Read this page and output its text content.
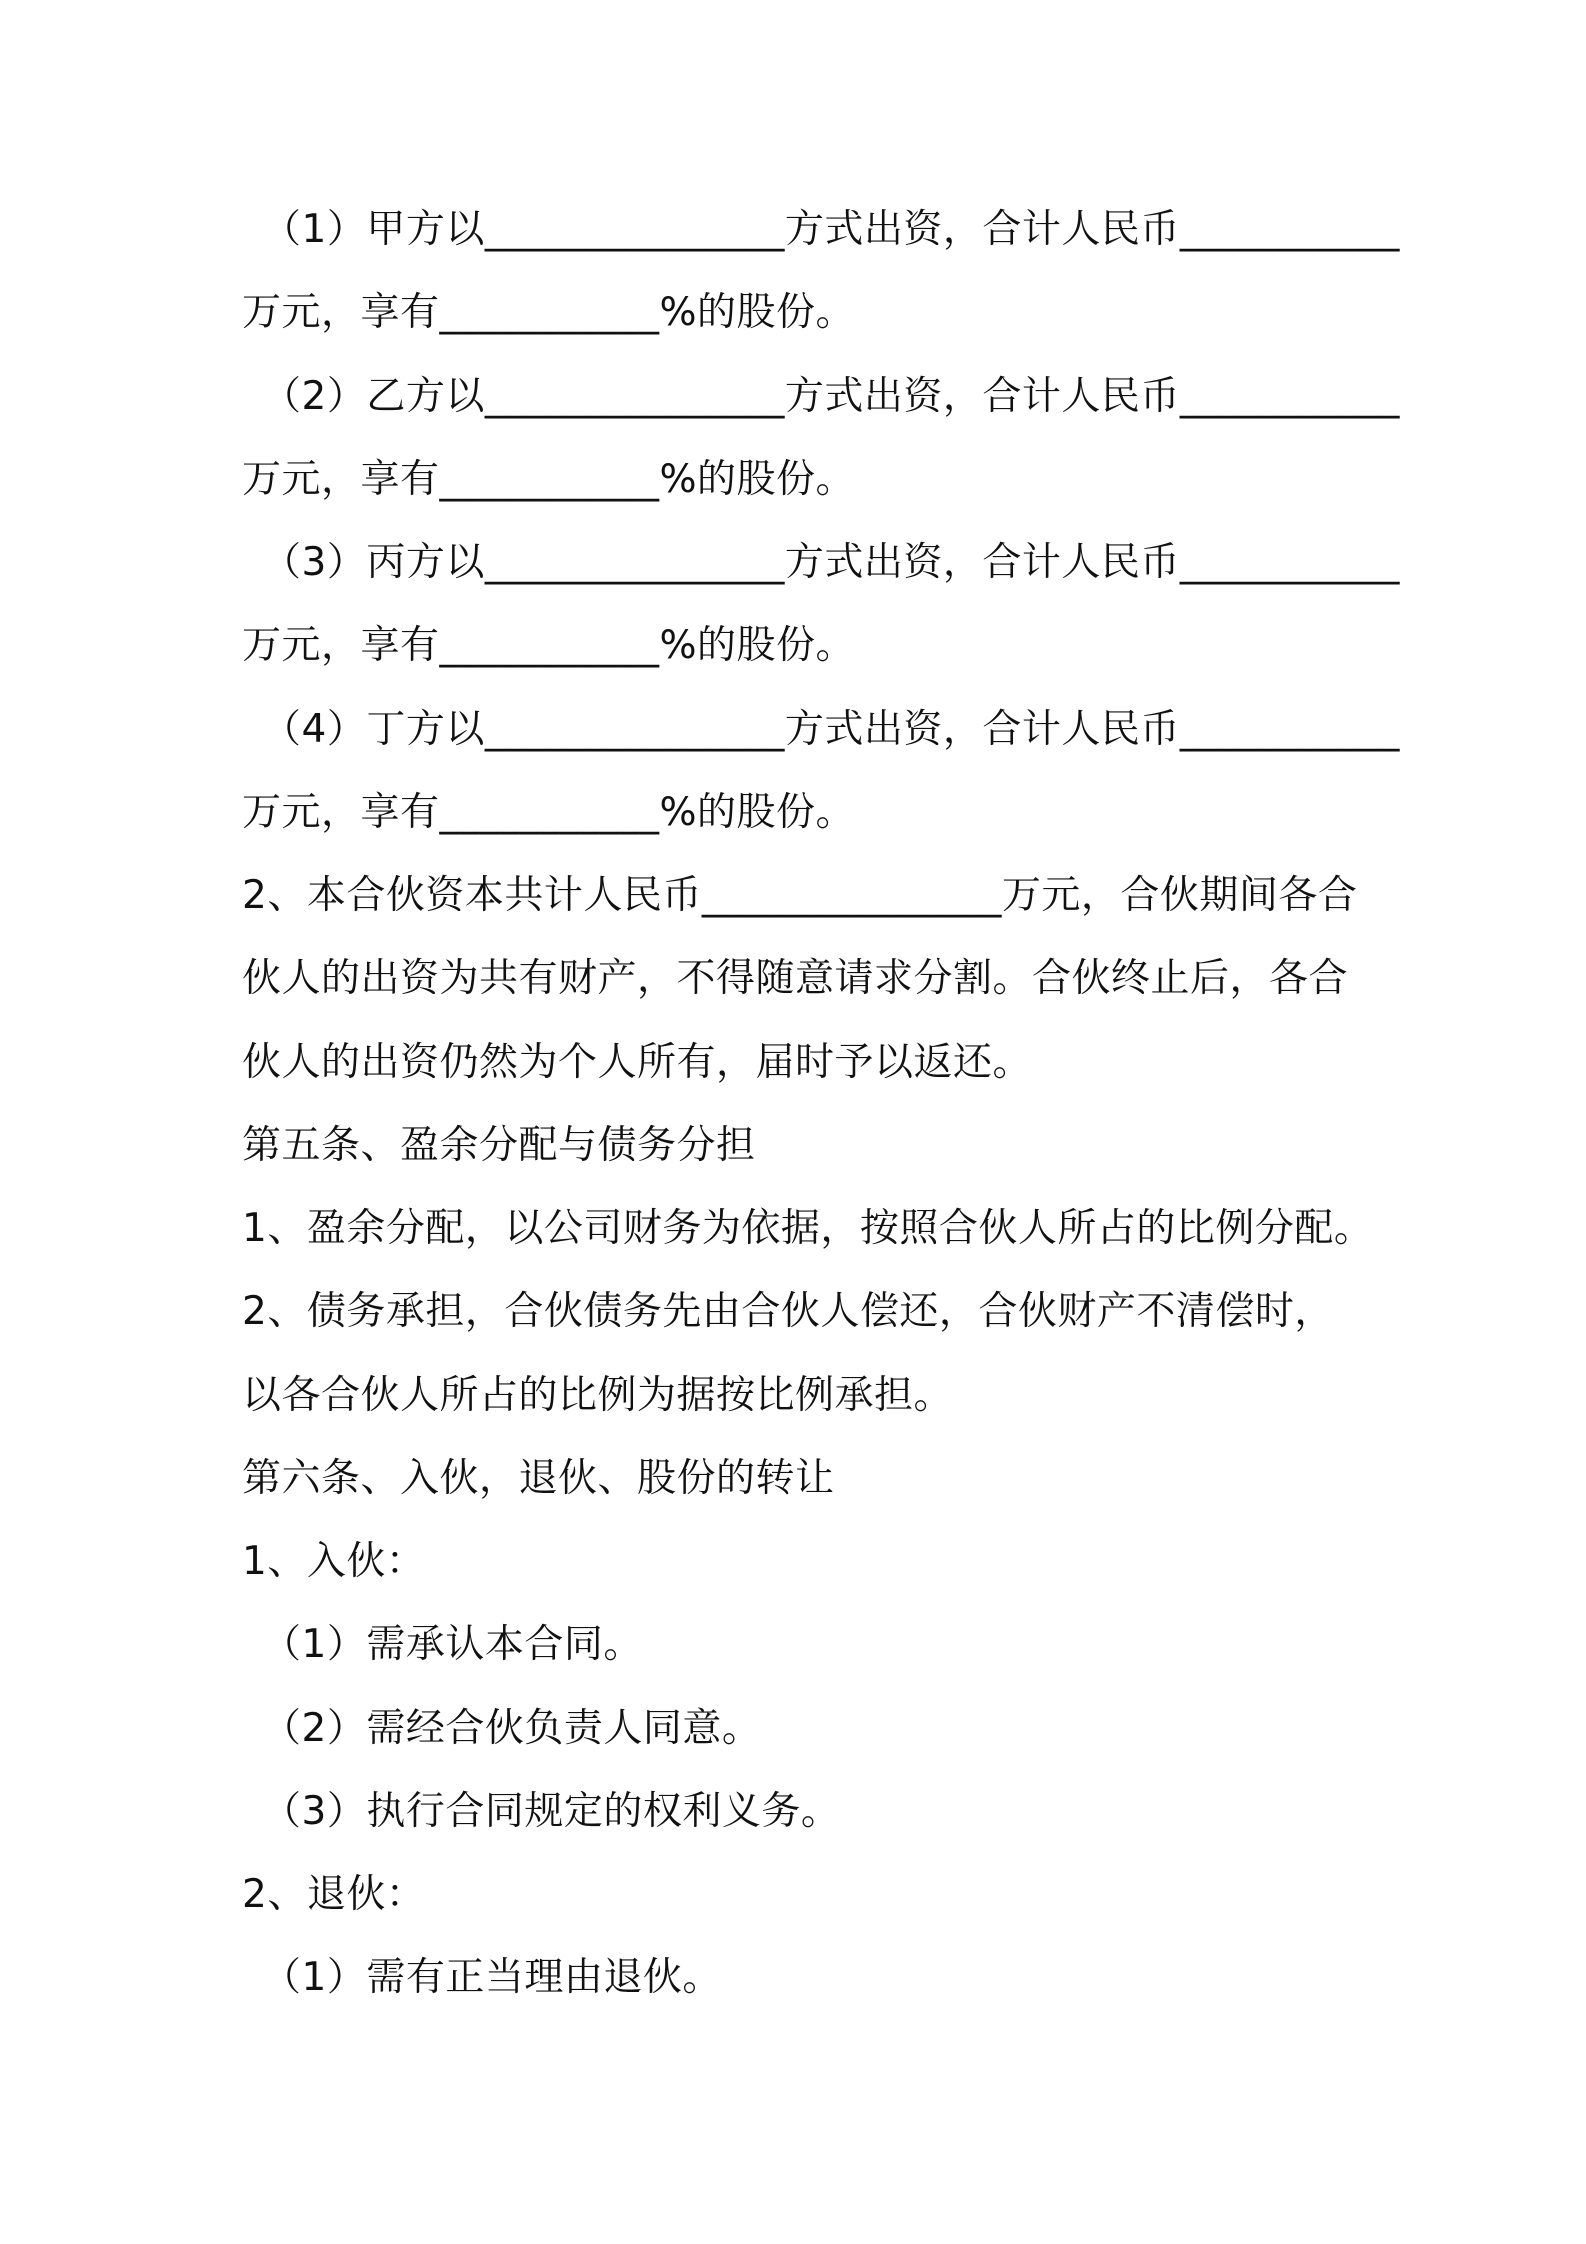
（1）甲方以_______________方式出资，合计人民币___________
万元，享有___________%的股份。
（2）乙方以_______________方式出资，合计人民币___________
万元，享有___________%的股份。
（3）丙方以_______________方式出资，合计人民币___________
万元，享有___________%的股份。
（4）丁方以_______________方式出资，合计人民币___________
万元，享有___________%的股份。
2、本合伙资本共计人民币_______________万元，合伙期间各合
伙人的出资为共有财产，不得随意请求分割。合伙终止后，各合
伙人的出资仍然为个人所有，届时予以返还。
第五条、盈余分配与债务分担
1、盈余分配，以公司财务为依据，按照合伙人所占的比例分配。
2、债务承担，合伙债务先由合伙人偿还，合伙财产不清偿时，
以各合伙人所占的比例为据按比例承担。
第六条、入伙，退伙、股份的转让
1、入伙：
（1）需承认本合同。
（2）需经合伙负责人同意。
（3）执行合同规定的权利义务。
2、退伙：
（1）需有正当理由退伙。
